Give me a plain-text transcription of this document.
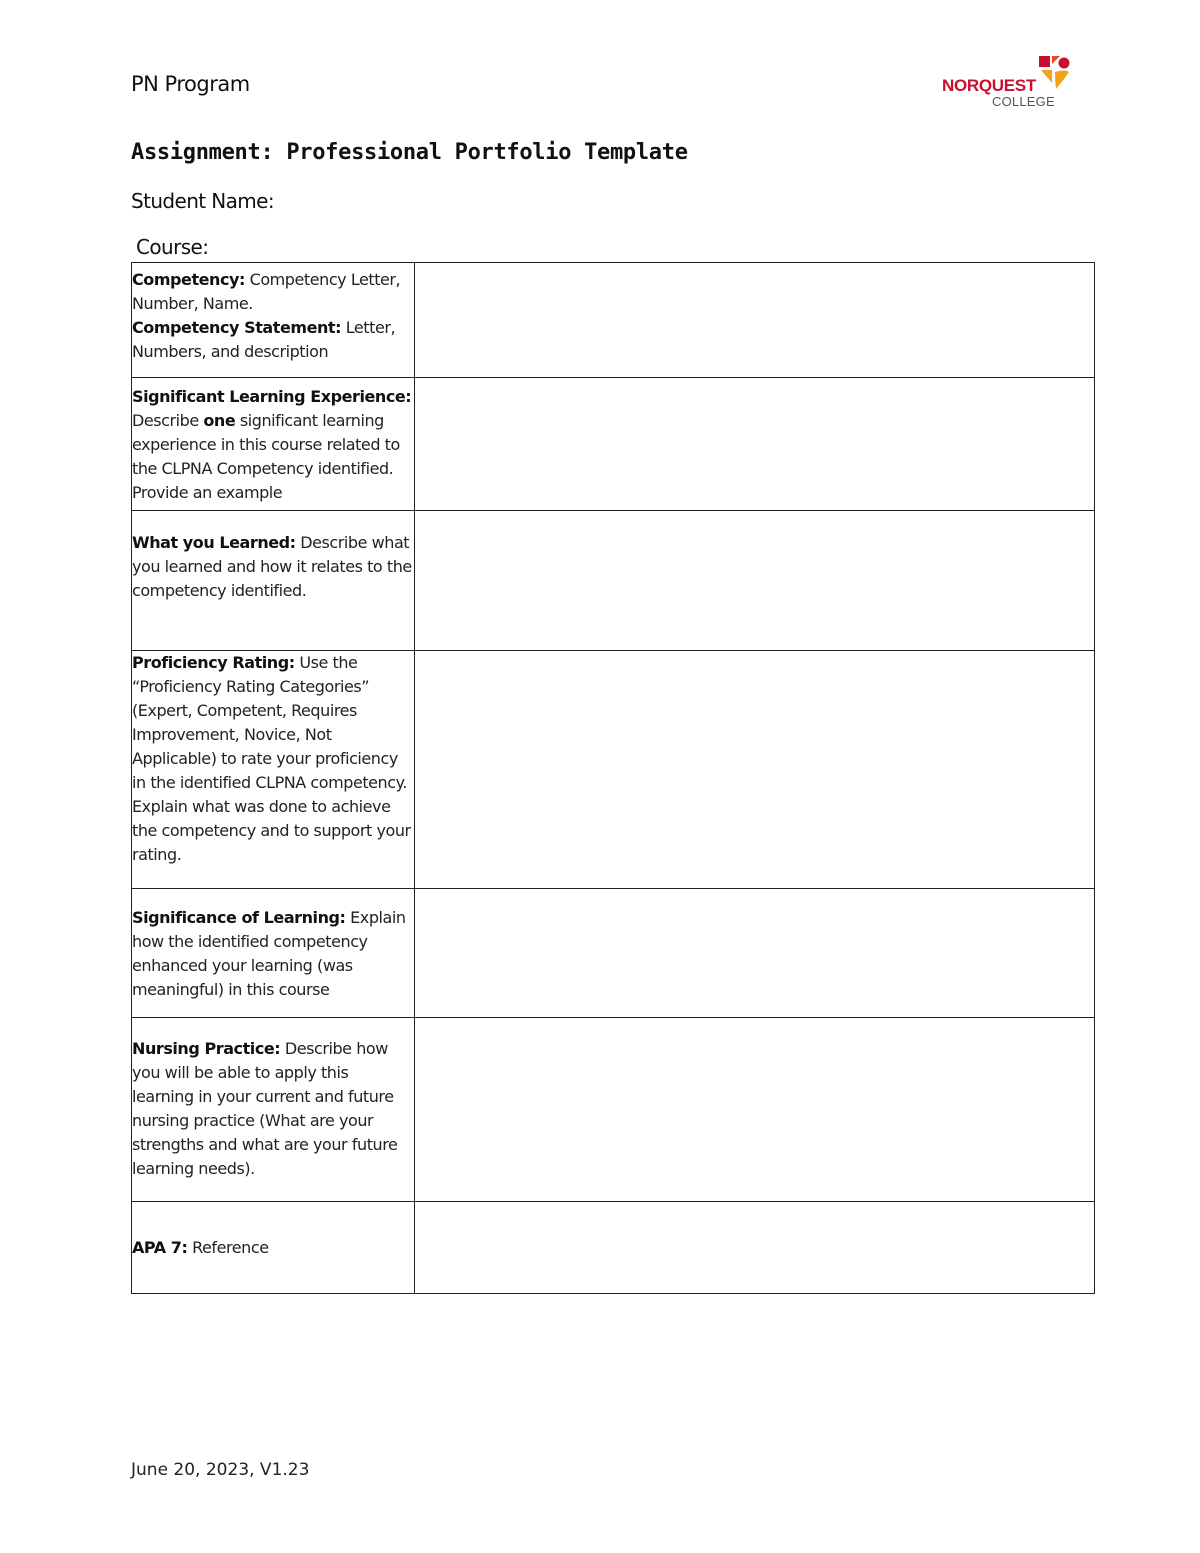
PN Program	NORQUEST
COLLEGE
Assignment: Professional Portfolio Template
Student Name:
Course:
Competency: Competency Letter, Number, Name.
Competency Statement: Letter, Numbers, and description	
Significant Learning Experience: Describe one significant learning experience in this course related to the CLPNA Competency identified. Provide an example	
What you Learned: Describe what you learned and how it relates to the competency identified.	
Proficiency Rating: Use the “Proficiency Rating Categories” (Expert, Competent, Requires Improvement, Novice, Not Applicable) to rate your proficiency in the identified CLPNA competency. Explain what was done to achieve the competency and to support your rating.	
Significance of Learning: Explain how the identified competency enhanced your learning (was meaningful) in this course	
Nursing Practice: Describe how you will be able to apply this learning in your current and future nursing practice (What are your strengths and what are your future learning needs).	
APA 7: Reference	
June 20, 2023, V1.23
